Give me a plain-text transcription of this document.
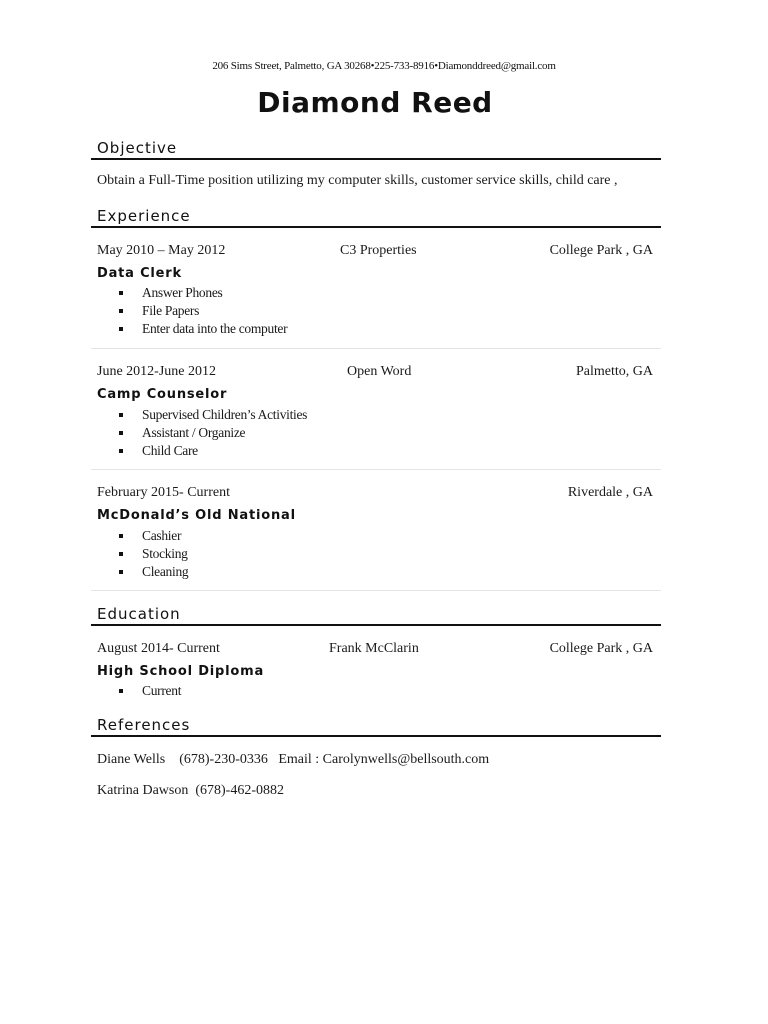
206 Sims Street, Palmetto, GA 30268•225-733-8916•Diamonddreed@gmail.com
Diamond Reed
Objective
Obtain a Full-Time position utilizing my computer skills, customer service skills, child care ,
Experience
May 2010 – May 2012	C3 Properties	College Park , GA
Data Clerk
Answer Phones
File Papers
Enter data into the computer
June 2012-June 2012	Open Word	Palmetto, GA
Camp Counselor
Supervised Children’s Activities
Assistant / Organize
Child Care
February 2015- Current	Riverdale , GA
McDonald’s Old National
Cashier
Stocking
Cleaning
Education
August 2014- Current	Frank McClarin	College Park , GA
High School Diploma
Current
References
Diane Wells    (678)-230-0336   Email : Carolynwells@bellsouth.com
Katrina Dawson  (678)-462-0882
